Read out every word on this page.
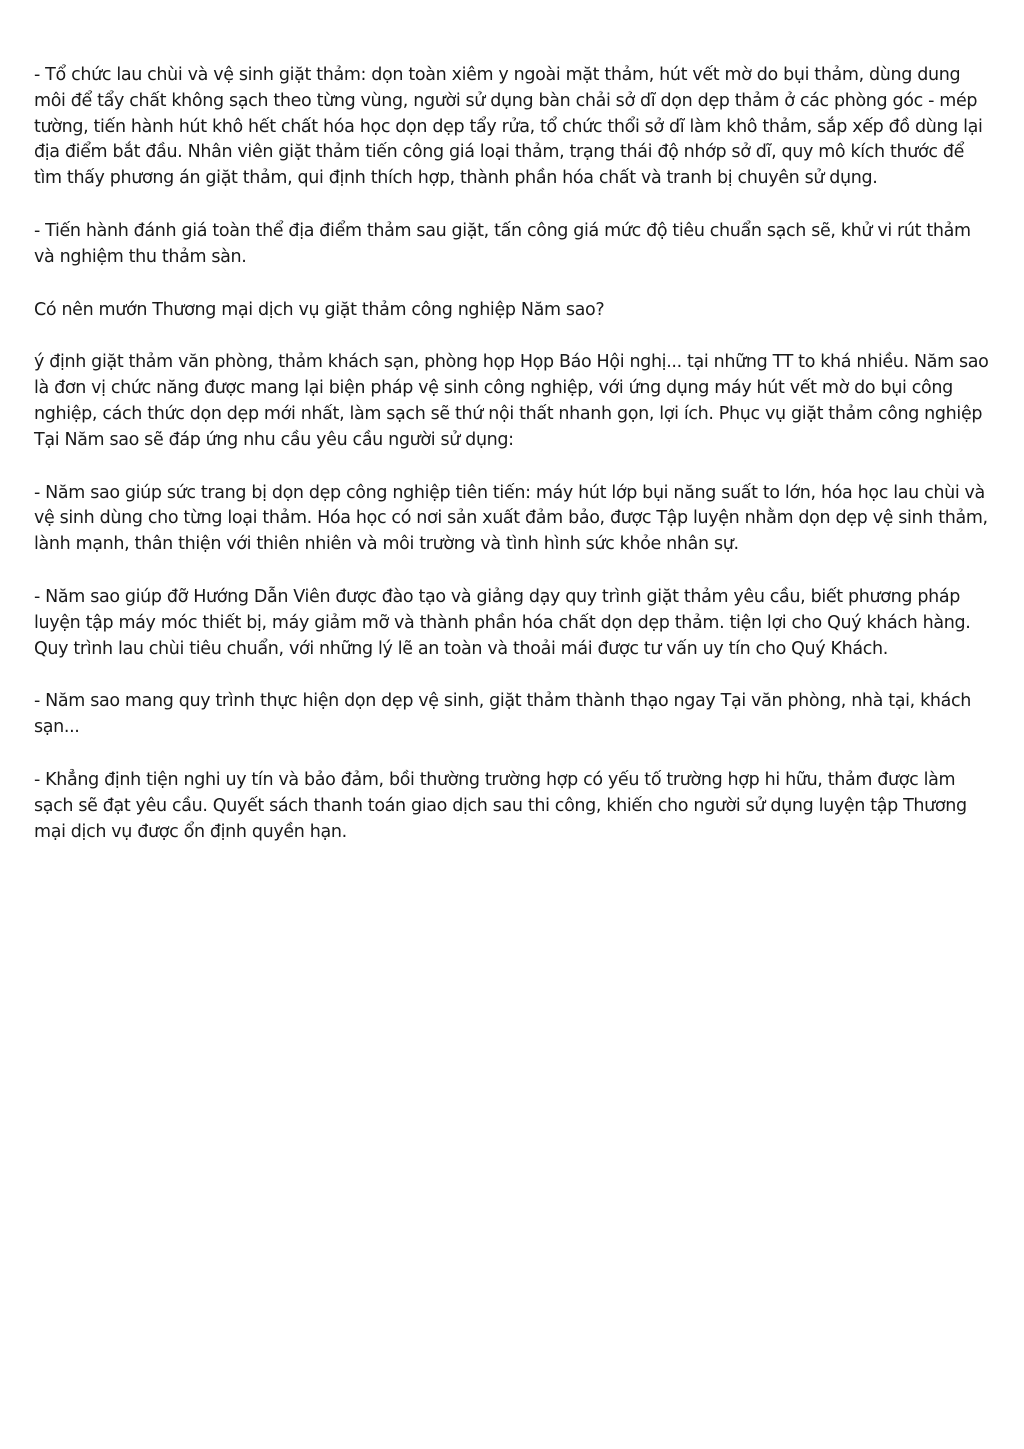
- Tổ chức lau chùi và vệ sinh giặt thảm: dọn toàn xiêm y ngoài mặt thảm, hút vết mờ do bụi thảm, dùng dung môi để tẩy chất không sạch theo từng vùng, người sử dụng bàn chải sở dĩ dọn dẹp thảm ở các phòng góc - mép tường, tiến hành hút khô hết chất hóa học dọn dẹp tẩy rửa, tổ chức thổi sở dĩ làm khô thảm, sắp xếp đồ dùng lại địa điểm bắt đầu. Nhân viên giặt thảm tiến công giá loại thảm, trạng thái độ nhớp sở dĩ, quy mô kích thước để tìm thấy phương án giặt thảm, qui định thích hợp, thành phần hóa chất và tranh bị chuyên sử dụng.

- Tiến hành đánh giá toàn thể địa điểm thảm sau giặt, tấn công giá mức độ tiêu chuẩn sạch sẽ, khử vi rút thảm và nghiệm thu thảm sàn.

Có nên mướn Thương mại dịch vụ giặt thảm công nghiệp Năm sao?

ý định giặt thảm văn phòng, thảm khách sạn, phòng họp Họp Báo Hội nghị... tại những TT to khá nhiều. Năm sao là đơn vị chức năng được mang lại biện pháp vệ sinh công nghiệp, với ứng dụng máy hút vết mờ do bụi công nghiệp, cách thức dọn dẹp mới nhất, làm sạch sẽ thứ nội thất nhanh gọn, lợi ích. Phục vụ giặt thảm công nghiệp Tại Năm sao sẽ đáp ứng nhu cầu yêu cầu người sử dụng:

- Năm sao giúp sức trang bị dọn dẹp công nghiệp tiên tiến: máy hút lớp bụi năng suất to lớn, hóa học lau chùi và vệ sinh dùng cho từng loại thảm. Hóa học có nơi sản xuất đảm bảo, được Tập luyện nhằm dọn dẹp vệ sinh thảm, lành mạnh, thân thiện với thiên nhiên và môi trường và tình hình sức khỏe nhân sự.

- Năm sao giúp đỡ Hướng Dẫn Viên được đào tạo và giảng dạy quy trình giặt thảm yêu cầu, biết phương pháp luyện tập máy móc thiết bị, máy giảm mỡ và thành phần hóa chất dọn dẹp thảm. tiện lợi cho Quý khách hàng. Quy trình lau chùi tiêu chuẩn, với những lý lẽ an toàn và thoải mái được tư vấn uy tín cho Quý Khách.

- Năm sao mang quy trình thực hiện dọn dẹp vệ sinh, giặt thảm thành thạo ngay Tại văn phòng, nhà tại, khách sạn...

- Khẳng định tiện nghi uy tín và bảo đảm, bồi thường trường hợp có yếu tố trường hợp hi hữu, thảm được làm sạch sẽ đạt yêu cầu. Quyết sách thanh toán giao dịch sau thi công, khiến cho người sử dụng luyện tập Thương mại dịch vụ được ổn định quyền hạn.
